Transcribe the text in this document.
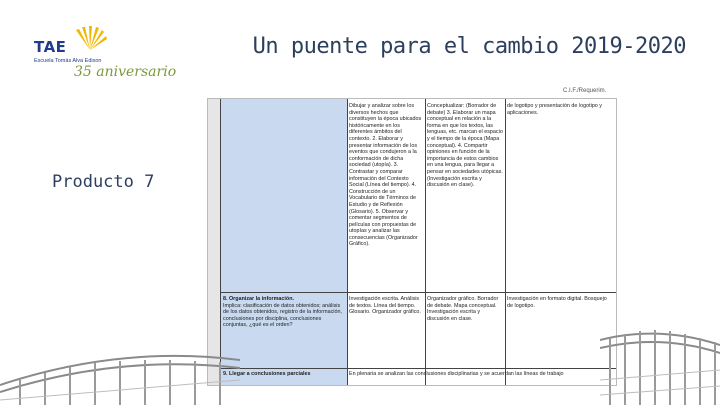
TAE
Escuela Tomás Alva Edison
35 aniversario
Un puente para el cambio 2019-2020
C.I.F./Requerim.
Producto 7
Dibujar y analizar sobre los diversos hechos que constituyen la época ubicados históricamente en los diferentes ámbitos del contexto. 2. Elaborar y presentar información de los eventos que condujeron a la conformación de dicha sociedad (utopía). 3. Contrastar y comparar información del Contexto Social (Línea del tiempo). 4. Construcción de un Vocabulario de Términos de Estudio y de Reflexión (Glosario). 5. Observar y comentar segmentos de películas con propuestas de utopías y analizar las consecuencias (Organizador Gráfico).
Conceptualizar: (Borrador de debate) 3. Elaborar un mapa conceptual en relación a la forma en que los textos, las lenguas, etc. marcan el espacio y el tiempo de la época (Mapa conceptual). 4. Compartir opiniones en función de la importancia de estos cambios en una lengua, para llegar a pensar en sociedades utópicas. (Investigación escrita y discusión en clase).
de logotipo y presentación de logotipo y aplicaciones.

8. Organizar la información.

Implica: clasificación de datos obtenidos; análisis de los datos obtenidos, registro de la información, conclusiones por disciplina, conclusiones conjuntas, ¿qué es el orden?

Investigación escrita. Análisis de textos. Línea del tiempo. Glosario. Organizador gráfico.
Organizador gráfico. Borrador de debate. Mapa conceptual. Investigación escrita y discusión en clase.
Investigación en formato digital. Bosquejo de logotipo.

9. Llegar a conclusiones parciales	En plenaria se analizan las conclusiones disciplinarias y se acuerdan las líneas de trabajo
